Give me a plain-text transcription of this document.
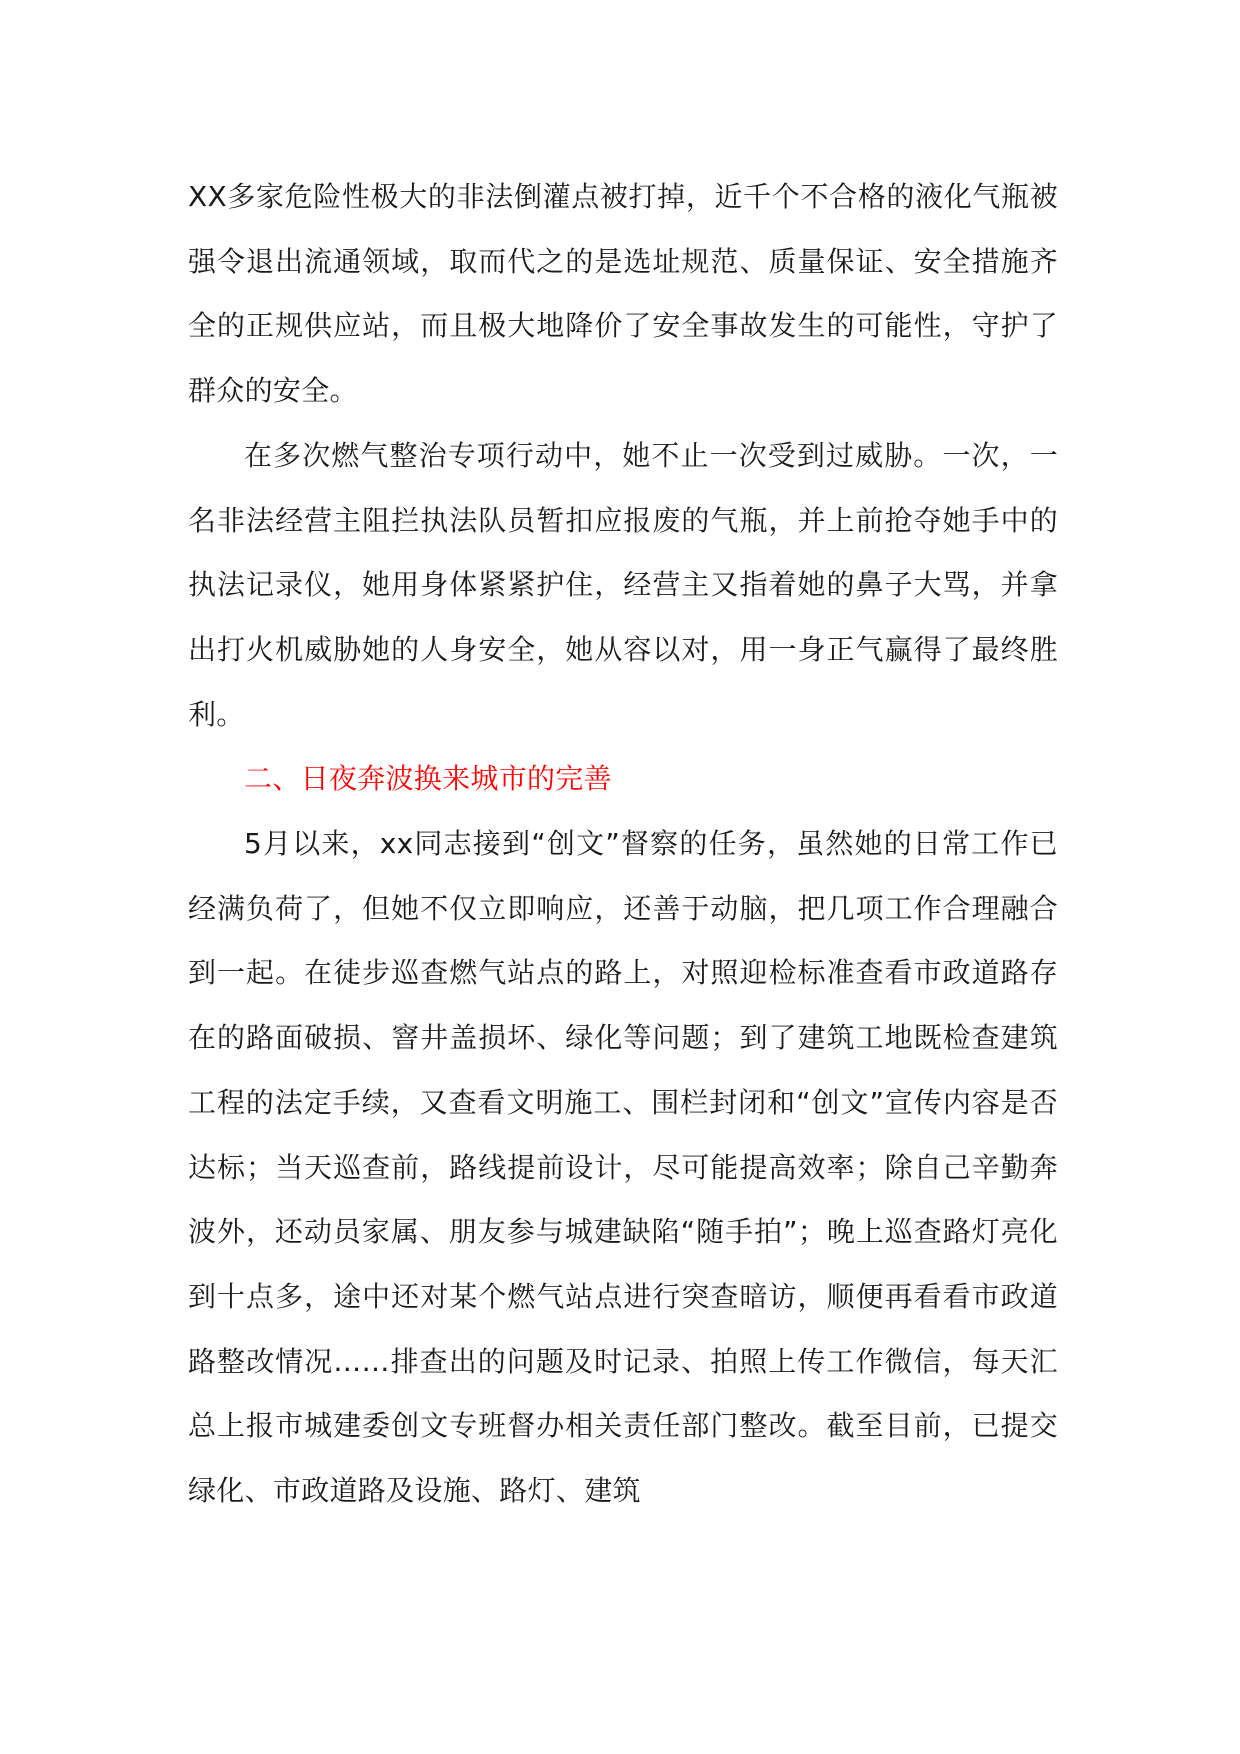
XX多家危险性极大的非法倒灌点被打掉，近千个不合格的液化气瓶被强令退出流通领域，取而代之的是选址规范、质量保证、安全措施齐全的正规供应站，而且极大地降价了安全事故发生的可能性，守护了群众的安全。

在多次燃气整治专项行动中，她不止一次受到过威胁。一次，一名非法经营主阻拦执法队员暂扣应报废的气瓶，并上前抢夺她手中的执法记录仪，她用身体紧紧护住，经营主又指着她的鼻子大骂，并拿出打火机威胁她的人身安全，她从容以对，用一身正气赢得了最终胜利。

二、日夜奔波换来城市的完善

5月以来，xx同志接到“创文”督察的任务，虽然她的日常工作已经满负荷了，但她不仅立即响应，还善于动脑，把几项工作合理融合到一起。在徒步巡查燃气站点的路上，对照迎检标准查看市政道路存在的路面破损、窨井盖损坏、绿化等问题；到了建筑工地既检查建筑工程的法定手续，又查看文明施工、围栏封闭和“创文”宣传内容是否达标；当天巡查前，路线提前设计，尽可能提高效率；除自己辛勤奔波外，还动员家属、朋友参与城建缺陷“随手拍”；晚上巡查路灯亮化到十点多，途中还对某个燃气站点进行突查暗访，顺便再看看市政道路整改情况……排查出的问题及时记录、拍照上传工作微信，每天汇总上报市城建委创文专班督办相关责任部门整改。截至目前，已提交绿化、市政道路及设施、路灯、建筑
